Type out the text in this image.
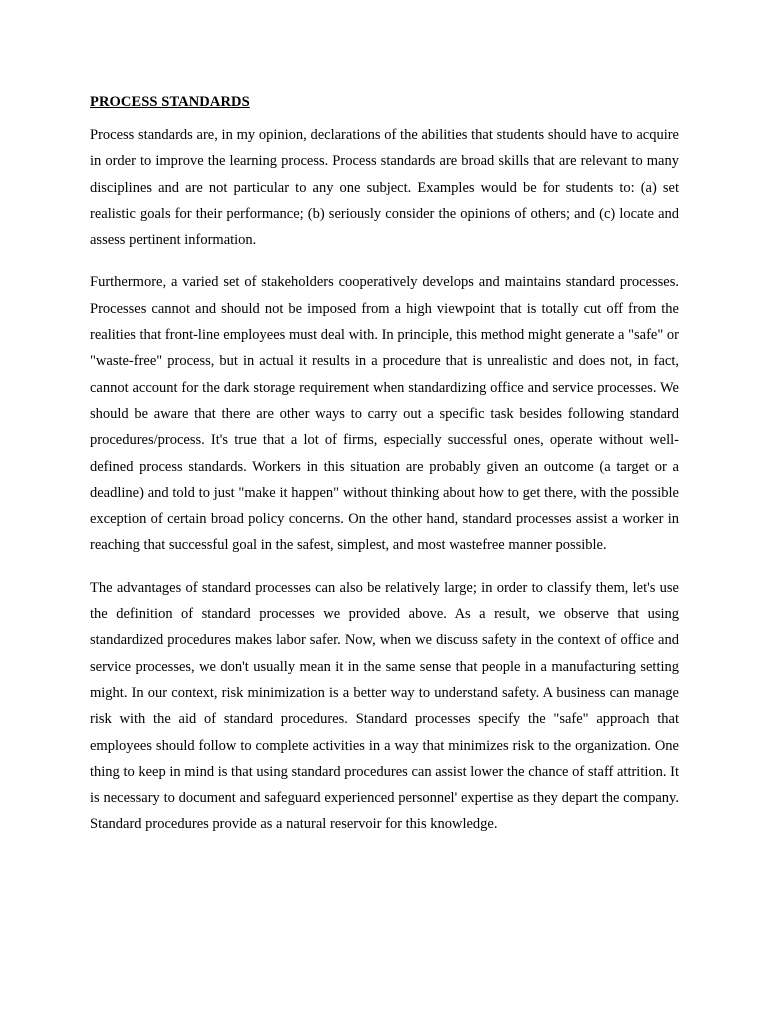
PROCESS STANDARDS

Process standards are, in my opinion, declarations of the abilities that students should have to acquire in order to improve the learning process. Process standards are broad skills that are relevant to many disciplines and are not particular to any one subject. Examples would be for students to: (a) set realistic goals for their performance; (b) seriously consider the opinions of others; and (c) locate and assess pertinent information.

Furthermore, a varied set of stakeholders cooperatively develops and maintains standard processes. Processes cannot and should not be imposed from a high viewpoint that is totally cut off from the realities that front-line employees must deal with. In principle, this method might generate a "safe" or "waste-free" process, but in actual it results in a procedure that is unrealistic and does not, in fact, cannot account for the dark storage requirement when standardizing office and service processes. We should be aware that there are other ways to carry out a specific task besides following standard procedures/process. It's true that a lot of firms, especially successful ones, operate without well-defined process standards. Workers in this situation are probably given an outcome (a target or a deadline) and told to just "make it happen" without thinking about how to get there, with the possible exception of certain broad policy concerns. On the other hand, standard processes assist a worker in reaching that successful goal in the safest, simplest, and most wastefree manner possible.

The advantages of standard processes can also be relatively large; in order to classify them, let's use the definition of standard processes we provided above. As a result, we observe that using standardized procedures makes labor safer. Now, when we discuss safety in the context of office and service processes, we don't usually mean it in the same sense that people in a manufacturing setting might. In our context, risk minimization is a better way to understand safety. A business can manage risk with the aid of standard procedures. Standard processes specify the "safe" approach that employees should follow to complete activities in a way that minimizes risk to the organization. One thing to keep in mind is that using standard procedures can assist lower the chance of staff attrition. It is necessary to document and safeguard experienced personnel' expertise as they depart the company. Standard procedures provide as a natural reservoir for this knowledge.
